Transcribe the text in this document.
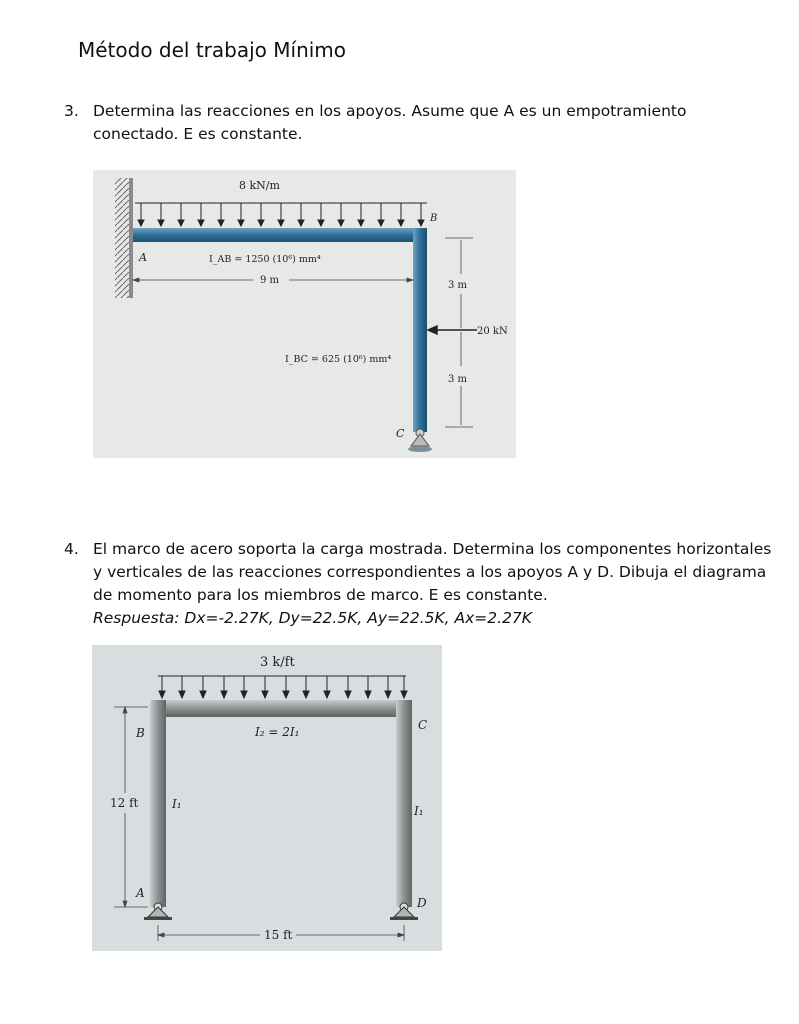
Método del trabajo Mínimo
3. Determina las reacciones en los apoyos. Asume que A es un empotramiento conectado. E es constante.
8 kN/m
A
B
C
I_AB = 1250 (10⁶) mm⁴
9 m
I_BC = 625 (10⁶) mm⁴
3 m
3 m
20 kN
4. El marco de acero soporta la carga mostrada. Determina los componentes horizontales y verticales de las reacciones correspondientes a los apoyos A y D. Dibuja el diagrama de momento para los miembros de marco. E es constante.
Respuesta: Dx=-2.27K, Dy=22.5K, Ay=22.5K, Ax=2.27K
3 k/ft
B
C
A
D
I₂ = 2I₁
I₁	I₁
12 ft
15 ft
